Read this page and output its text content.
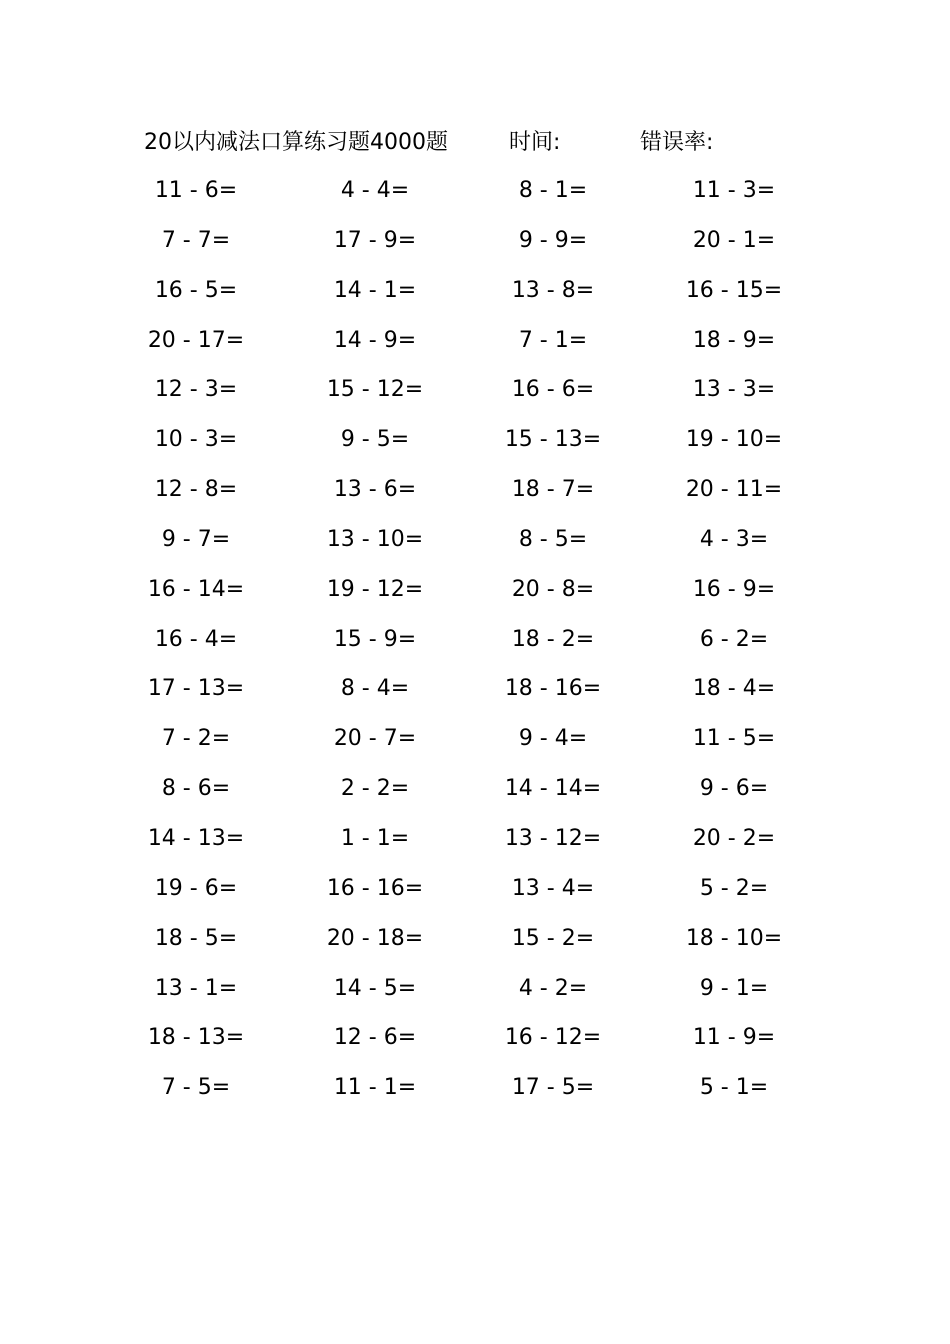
20以内减法口算练习题4000题	时间:	错误率:
11 - 6=	4 - 4=	8 - 1=	11 - 3=
7 - 7=	17 - 9=	9 - 9=	20 - 1=
16 - 5=	14 - 1=	13 - 8=	16 - 15=
20 - 17=	14 - 9=	7 - 1=	18 - 9=
12 - 3=	15 - 12=	16 - 6=	13 - 3=
10 - 3=	9 - 5=	15 - 13=	19 - 10=
12 - 8=	13 - 6=	18 - 7=	20 - 11=
9 - 7=	13 - 10=	8 - 5=	4 - 3=
16 - 14=	19 - 12=	20 - 8=	16 - 9=
16 - 4=	15 - 9=	18 - 2=	6 - 2=
17 - 13=	8 - 4=	18 - 16=	18 - 4=
7 - 2=	20 - 7=	9 - 4=	11 - 5=
8 - 6=	2 - 2=	14 - 14=	9 - 6=
14 - 13=	1 - 1=	13 - 12=	20 - 2=
19 - 6=	16 - 16=	13 - 4=	5 - 2=
18 - 5=	20 - 18=	15 - 2=	18 - 10=
13 - 1=	14 - 5=	4 - 2=	9 - 1=
18 - 13=	12 - 6=	16 - 12=	11 - 9=
7 - 5=	11 - 1=	17 - 5=	5 - 1=
